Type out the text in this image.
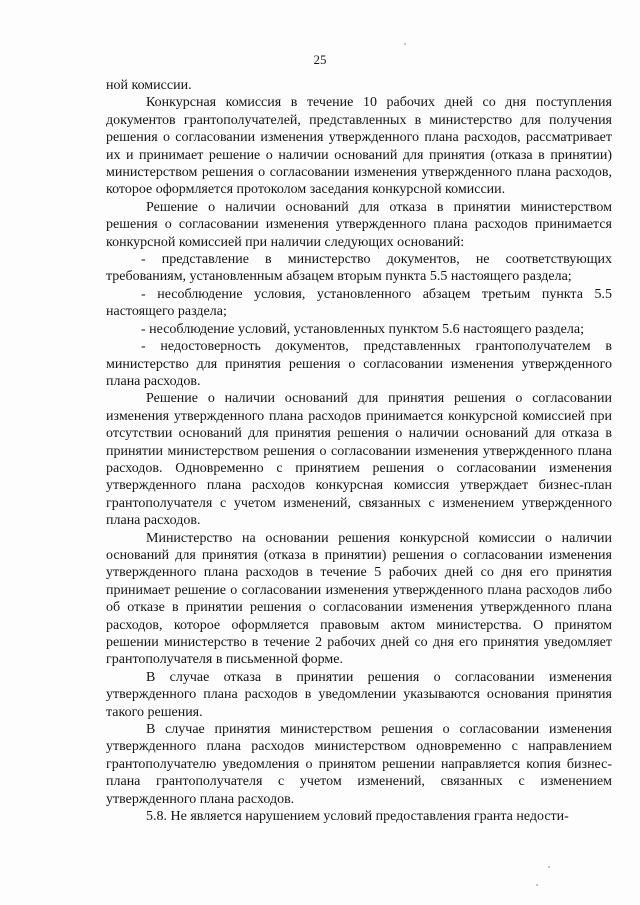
25

ной комиссии.

Конкурсная комиссия в течение 10 рабочих дней со дня поступления документов грантополучателей, представленных в министерство для получения решения о согласовании изменения утвержденного плана расходов, рассматривает их и принимает решение о наличии оснований для принятия (отказа в принятии) министерством решения о согласовании изменения утвержденного плана расходов, которое оформляется протоколом заседания конкурсной комиссии.

Решение о наличии оснований для отказа в принятии министерством решения о согласовании изменения утвержденного плана расходов принимается конкурсной комиссией при наличии следующих оснований:

- представление в министерство документов, не соответствующих требованиям, установленным абзацем вторым пункта 5.5 настоящего раздела;

- несоблюдение условия, установленного абзацем третьим пункта 5.5 настоящего раздела;

- несоблюдение условий, установленных пунктом 5.6 настоящего раздела;

- недостоверность документов, представленных грантополучателем в министерство для принятия решения о согласовании изменения утвержденного плана расходов.

Решение о наличии оснований для принятия решения о согласовании изменения утвержденного плана расходов принимается конкурсной комиссией при отсутствии оснований для принятия решения о наличии оснований для отказа в принятии министерством решения о согласовании изменения утвержденного плана расходов. Одновременно с принятием решения о согласовании изменения утвержденного плана расходов конкурсная комиссия утверждает бизнес-план грантополучателя с учетом изменений, связанных с изменением утвержденного плана расходов.

Министерство на основании решения конкурсной комиссии о наличии оснований для принятия (отказа в принятии) решения о согласовании изменения утвержденного плана расходов в течение 5 рабочих дней со дня его принятия принимает решение о согласовании изменения утвержденного плана расходов либо об отказе в принятии решения о согласовании изменения утвержденного плана расходов, которое оформляется правовым актом министерства. О принятом решении министерство в течение 2 рабочих дней со дня его принятия уведомляет грантополучателя в письменной форме.

В случае отказа в принятии решения о согласовании изменения утвержденного плана расходов в уведомлении указываются основания принятия такого решения.

В случае принятия министерством решения о согласовании изменения утвержденного плана расходов министерством одновременно с направлением грантополучателю уведомления о принятом решении направляется копия бизнес-плана грантополучателя с учетом изменений, связанных с изменением утвержденного плана расходов.

5.8. Не является нарушением условий предоставления гранта недости-
